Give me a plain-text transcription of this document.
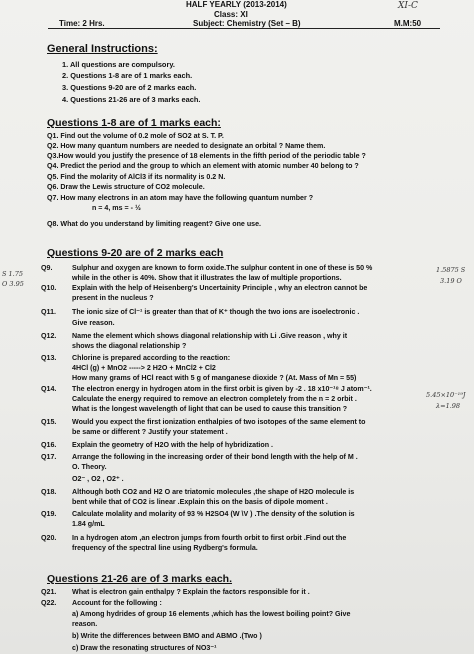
HALF YEARLY (2013-2014)
Class: XI
Time: 2 Hrs.	Subject: Chemistry (Set – B)	M.M:50
XI-C
General Instructions:
1. All questions are compulsory.
2. Questions 1-8 are of 1 marks each.
3. Questions 9-20 are of 2 marks each.
4. Questions 21-26 are of 3 marks each.
Questions 1-8 are of 1 marks each:
Q1. Find out the volume of 0.2 mole of SO2 at S. T. P.
Q2. How many quantum numbers are needed to designate an orbital ? Name them.
Q3.How would you justify the presence of 18 elements in the fifth period of the periodic table ?
Q4. Predict the period and the group to which an element with atomic number 40 belong to ?
Q5. Find the molarity of AlCl3 if its normality is 0.2 N.
Q6. Draw the Lewis structure of CO2 molecule.
Q7. How many electrons in an atom may have the following quantum number ?
n = 4, ms = - ½
Q8. What do you understand by limiting reagent? Give one use.
Questions 9-20 are of 2 marks each
Q9.	Sulphur and oxygen are known to form oxide.The sulphur content in one of these is 50 %
while in the other is 40%. Show that it illustrates the law of multiple proportions.
Q10.	Explain with the help of Heisenberg's Uncertainity Principle , why an electron cannot be
present in the nucleus ?
Q11.	The ionic size of Cl⁻¹ is greater than that of K⁺ though the two ions are isoelectronic .
Give reason.
Q12.	Name the element which shows diagonal relationship with Li .Give reason , why it
shows the diagonal relationship ?
Q13.	Chlorine is prepared according to the reaction:
4HCl (g) + MnO2 -----> 2 H2O + MnCl2 + Cl2
How many grams of HCl react with 5 g of manganese dioxide ? (At. Mass of Mn = 55)
Q14.	The electron energy in hydrogen atom in the first orbit is given by -2 . 18 x10⁻¹⁸ J atom⁻¹.
Calculate the energy required to remove an electron completely from the n = 2 orbit .
What is the longest wavelength of light that can be used to cause this transition ?
Q15.	Would you expect the first ionization enthalpies of two isotopes of the same element to
be same or different ? Justify your statement .
Q16.	Explain the geometry of H2O with the help of hybridization .
Q17.	Arrange the following in the increasing order of their bond length with the help of M .
O. Theory.
O2⁻ , O2 , O2⁺ .
Q18.	Although both CO2 and H2 O are triatomic molecules ,the shape of H2O molecule is
bent while that of CO2 is linear .Explain this on the basis of dipole moment .
Q19.	Calculate molality and molarity of 93 % H2SO4 (W \V ) .The density of the solution is
1.84 g/mL
Q20.	In a hydrogen atom ,an electron jumps from fourth orbit to first orbit .Find out the
frequency of the spectral line using Rydberg's formula.
Questions 21-26 are of 3 marks each.
Q21.	What is electron gain enthalpy ? Explain the factors responsible for it .
Q22.	Account for the following :
a) Among hydrides of group 16 elements ,which has the lowest boiling point? Give
reason.
b) Write the differences between BMO and ABMO .(Two )
c) Draw the resonating structures of NO3⁻¹
S 1.75
O 3.95
1.5875 S
3.19 O
5.45×10⁻¹⁹J
λ=1.98
